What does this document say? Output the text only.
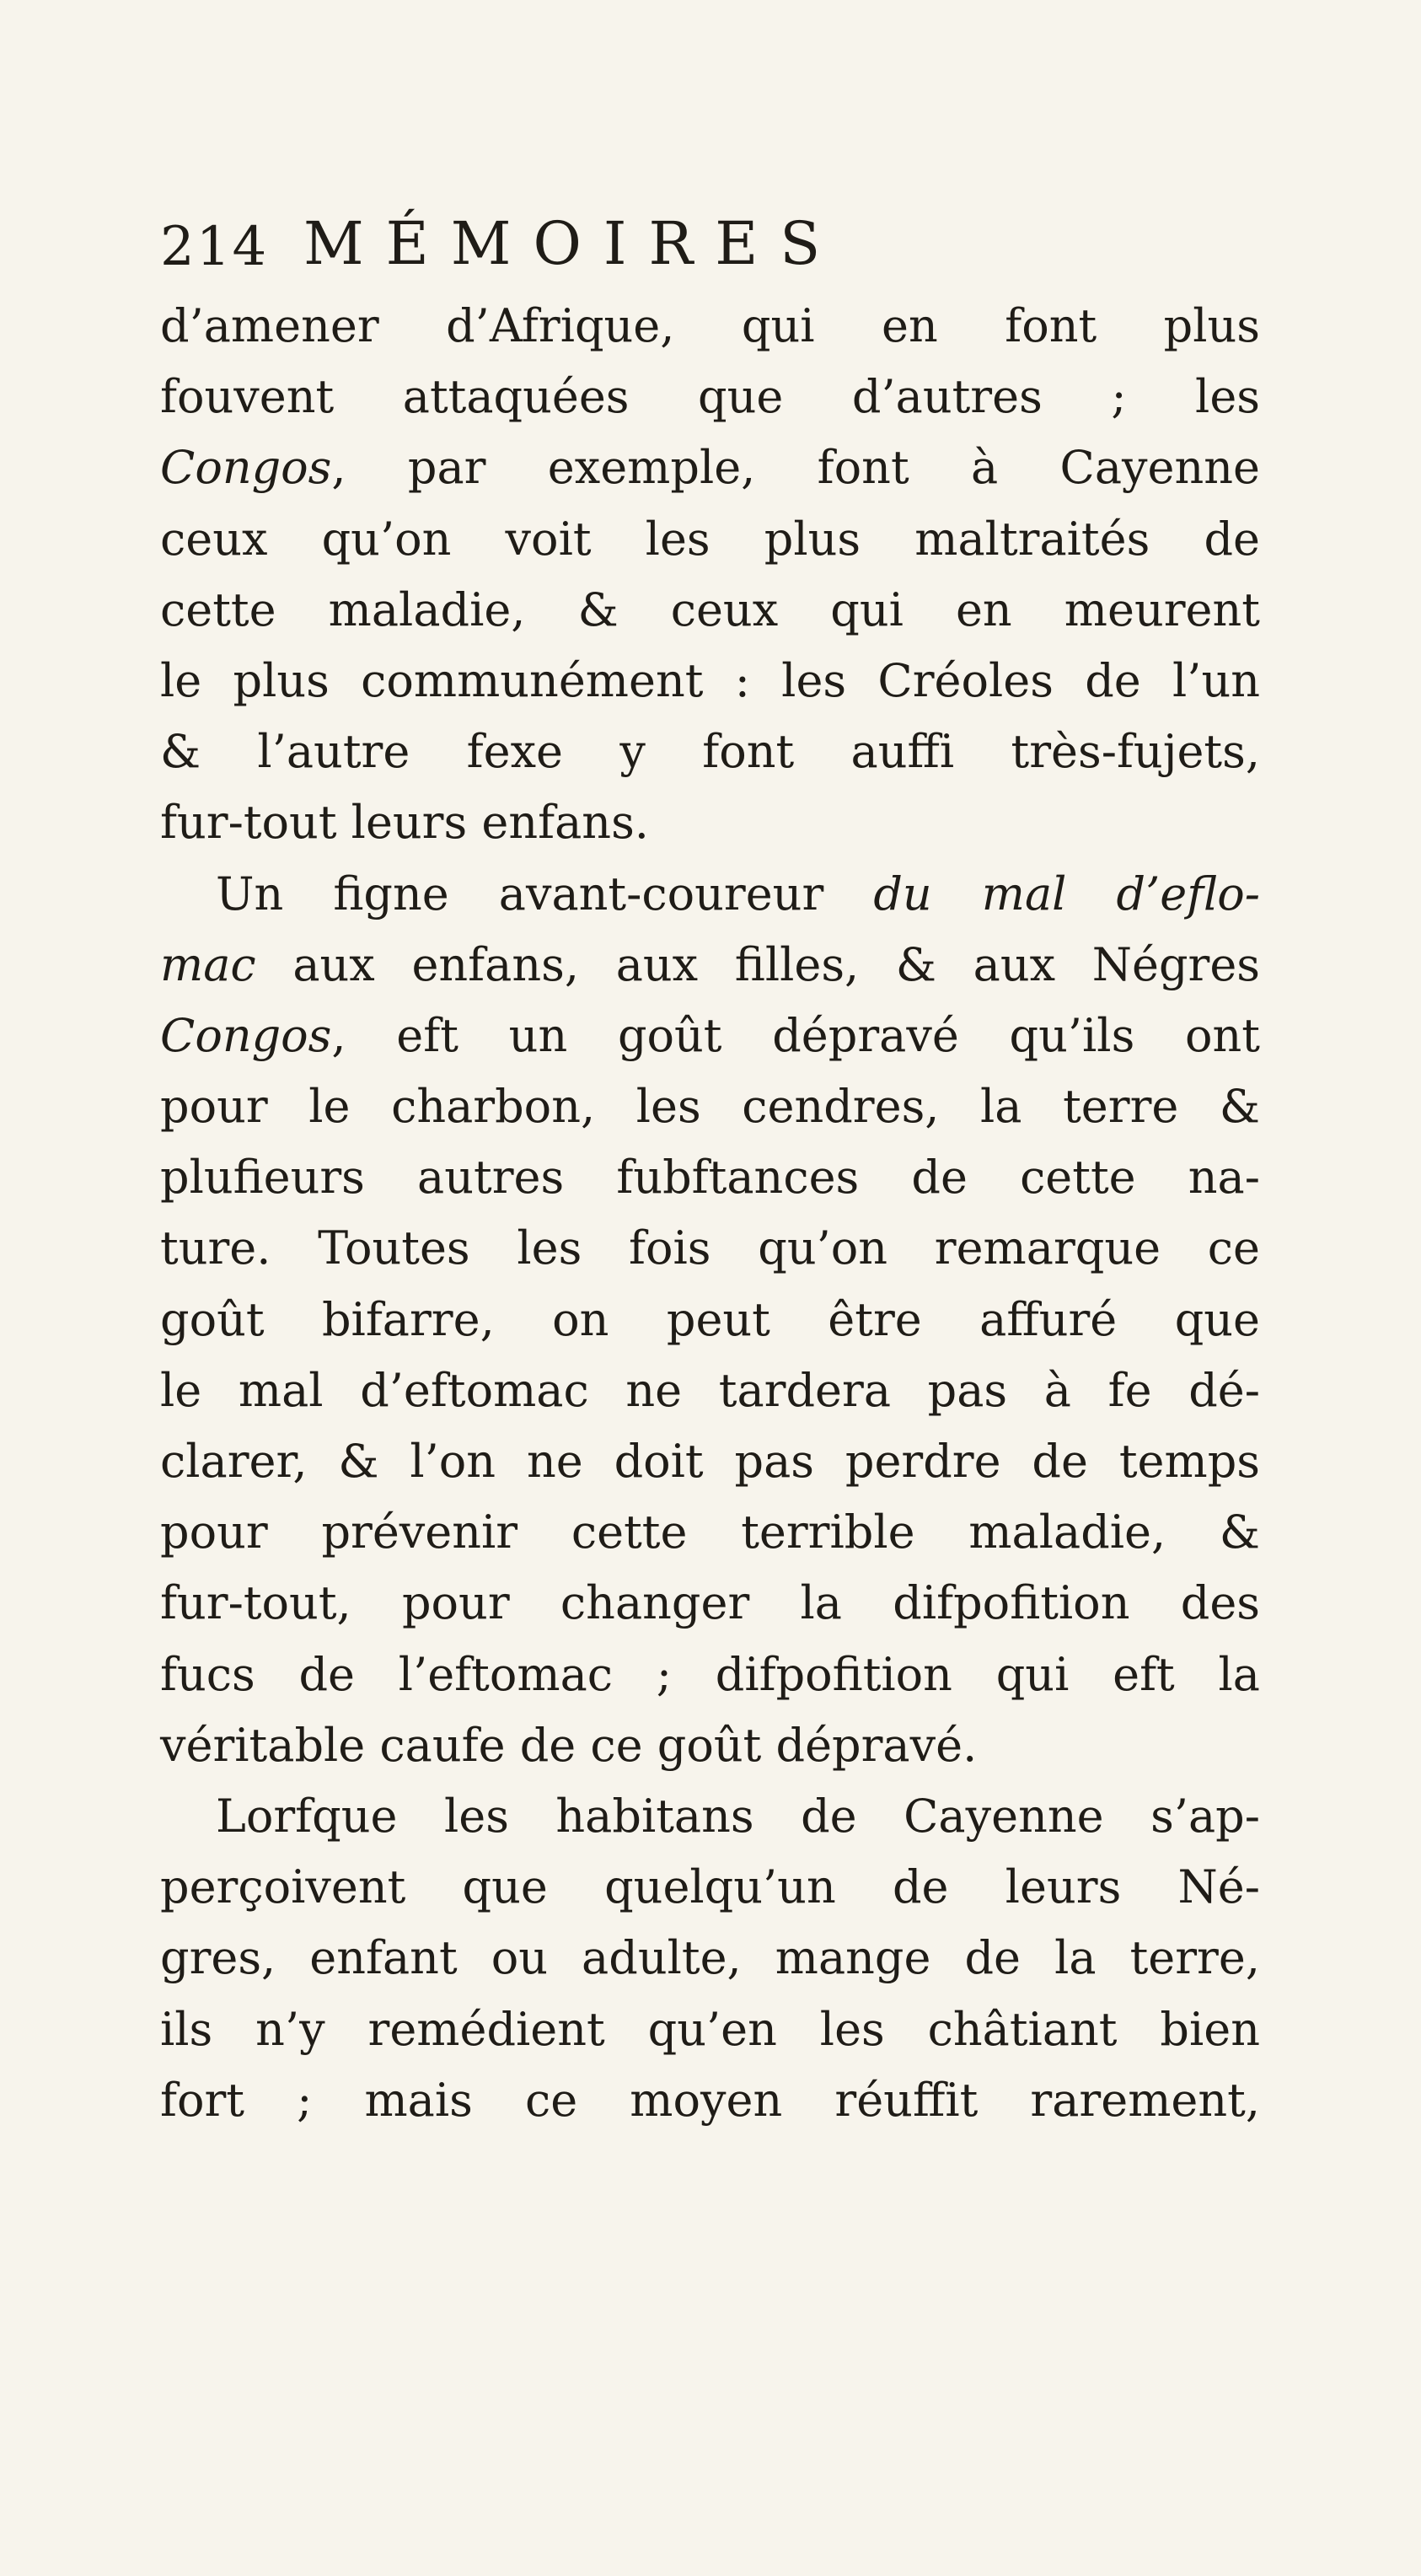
214 MÉMOIRES
d’amener d’Afrique, qui en font plus
fouvent attaquées que d’autres ; les
Congos, par exemple, font à Cayenne
ceux qu’on voit les plus maltraités de
cette maladie, & ceux qui en meurent
le plus communément : les Créoles de l’un
& l’autre fexe y font auffi très-fujets,
fur-tout leurs enfans.
Un figne avant-coureur du mal d’eflo-
mac aux enfans, aux filles, & aux Négres
Congos, eft un goût dépravé qu’ils ont
pour le charbon, les cendres, la terre &
plufieurs autres fubftances de cette na-
ture. Toutes les fois qu’on remarque ce
goût bifarre, on peut être affuré que
le mal d’eftomac ne tardera pas à fe dé-
clarer, & l’on ne doit pas perdre de temps
pour prévenir cette terrible maladie, &
fur-tout, pour changer la difpofition des
fucs de l’eftomac ; difpofition qui eft la
véritable caufe de ce goût dépravé.
Lorfque les habitans de Cayenne s’ap-
perçoivent que quelqu’un de leurs Né-
gres, enfant ou adulte, mange de la terre,
ils n’y remédient qu’en les châtiant bien
fort ; mais ce moyen réuffit rarement,
